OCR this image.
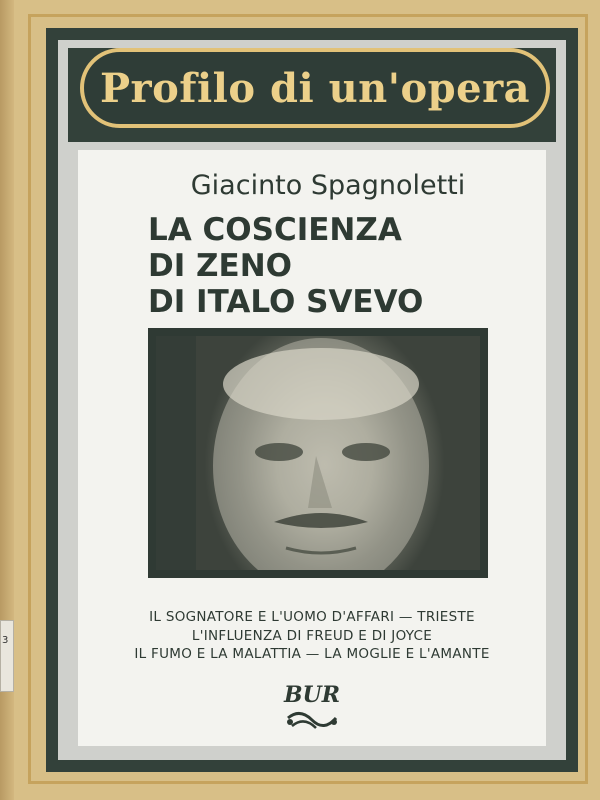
3
Profilo di un'opera
Giacinto Spagnoletti
LA COSCIENZA
DI ZENO
DI ITALO SVEVO
IL SOGNATORE E L'UOMO D'AFFARI — TRIESTE
L'INFLUENZA DI FREUD E DI JOYCE
IL FUMO E LA MALATTIA — LA MOGLIE E L'AMANTE
BUR
